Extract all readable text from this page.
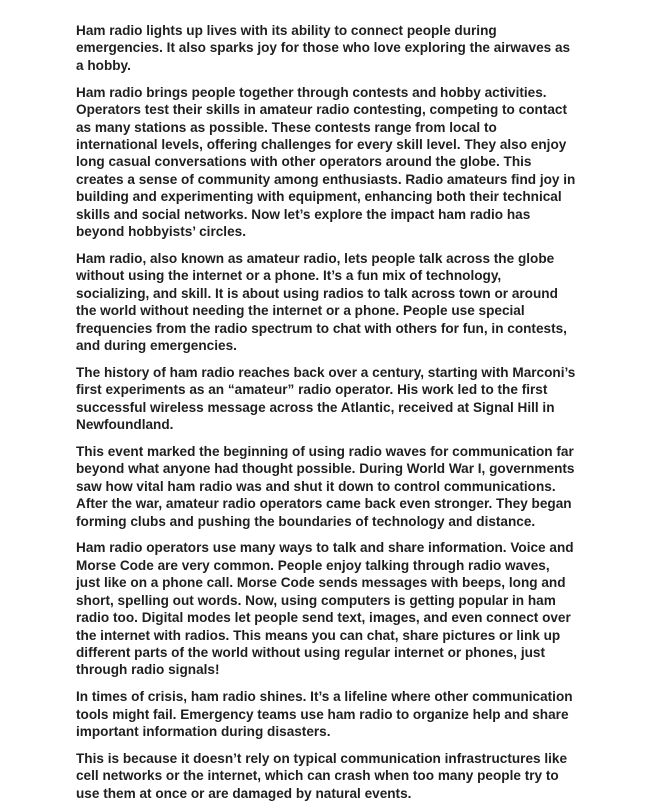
Ham radio lights up lives with its ability to connect people during emergencies. It also sparks joy for those who love exploring the airwaves as a hobby.

Ham radio brings people together through contests and hobby activities. Operators test their skills in amateur radio contesting, competing to contact as many stations as possible. These contests range from local to international levels, offering challenges for every skill level. They also enjoy long casual conversations with other operators around the globe. This creates a sense of community among enthusiasts. Radio amateurs find joy in building and experimenting with equipment, enhancing both their technical skills and social networks. Now let’s explore the impact ham radio has beyond hobbyists’ circles.

Ham radio, also known as amateur radio, lets people talk across the globe without using the internet or a phone. It’s a fun mix of technology, socializing, and skill. It is about using radios to talk across town or around the world without needing the internet or a phone. People use special frequencies from the radio spectrum to chat with others for fun, in contests, and during emergencies.

The history of ham radio reaches back over a century, starting with Marconi’s first experiments as an “amateur” radio operator. His work led to the first successful wireless message across the Atlantic, received at Signal Hill in Newfoundland.

This event marked the beginning of using radio waves for communication far beyond what anyone had thought possible. During World War I, governments saw how vital ham radio was and shut it down to control communications. After the war, amateur radio operators came back even stronger. They began forming clubs and pushing the boundaries of technology and distance.

Ham radio operators use many ways to talk and share information. Voice and Morse Code are very common. People enjoy talking through radio waves, just like on a phone call. Morse Code sends messages with beeps, long and short, spelling out words. Now, using computers is getting popular in ham radio too. Digital modes let people send text, images, and even connect over the internet with radios. This means you can chat, share pictures or link up different parts of the world without using regular internet or phones, just through radio signals!

In times of crisis, ham radio shines. It’s a lifeline where other communication tools might fail. Emergency teams use ham radio to organize help and share important information during disasters.

This is because it doesn’t rely on typical communication infrastructures like cell networks or the internet, which can crash when too many people try to use them at once or are damaged by natural events.
